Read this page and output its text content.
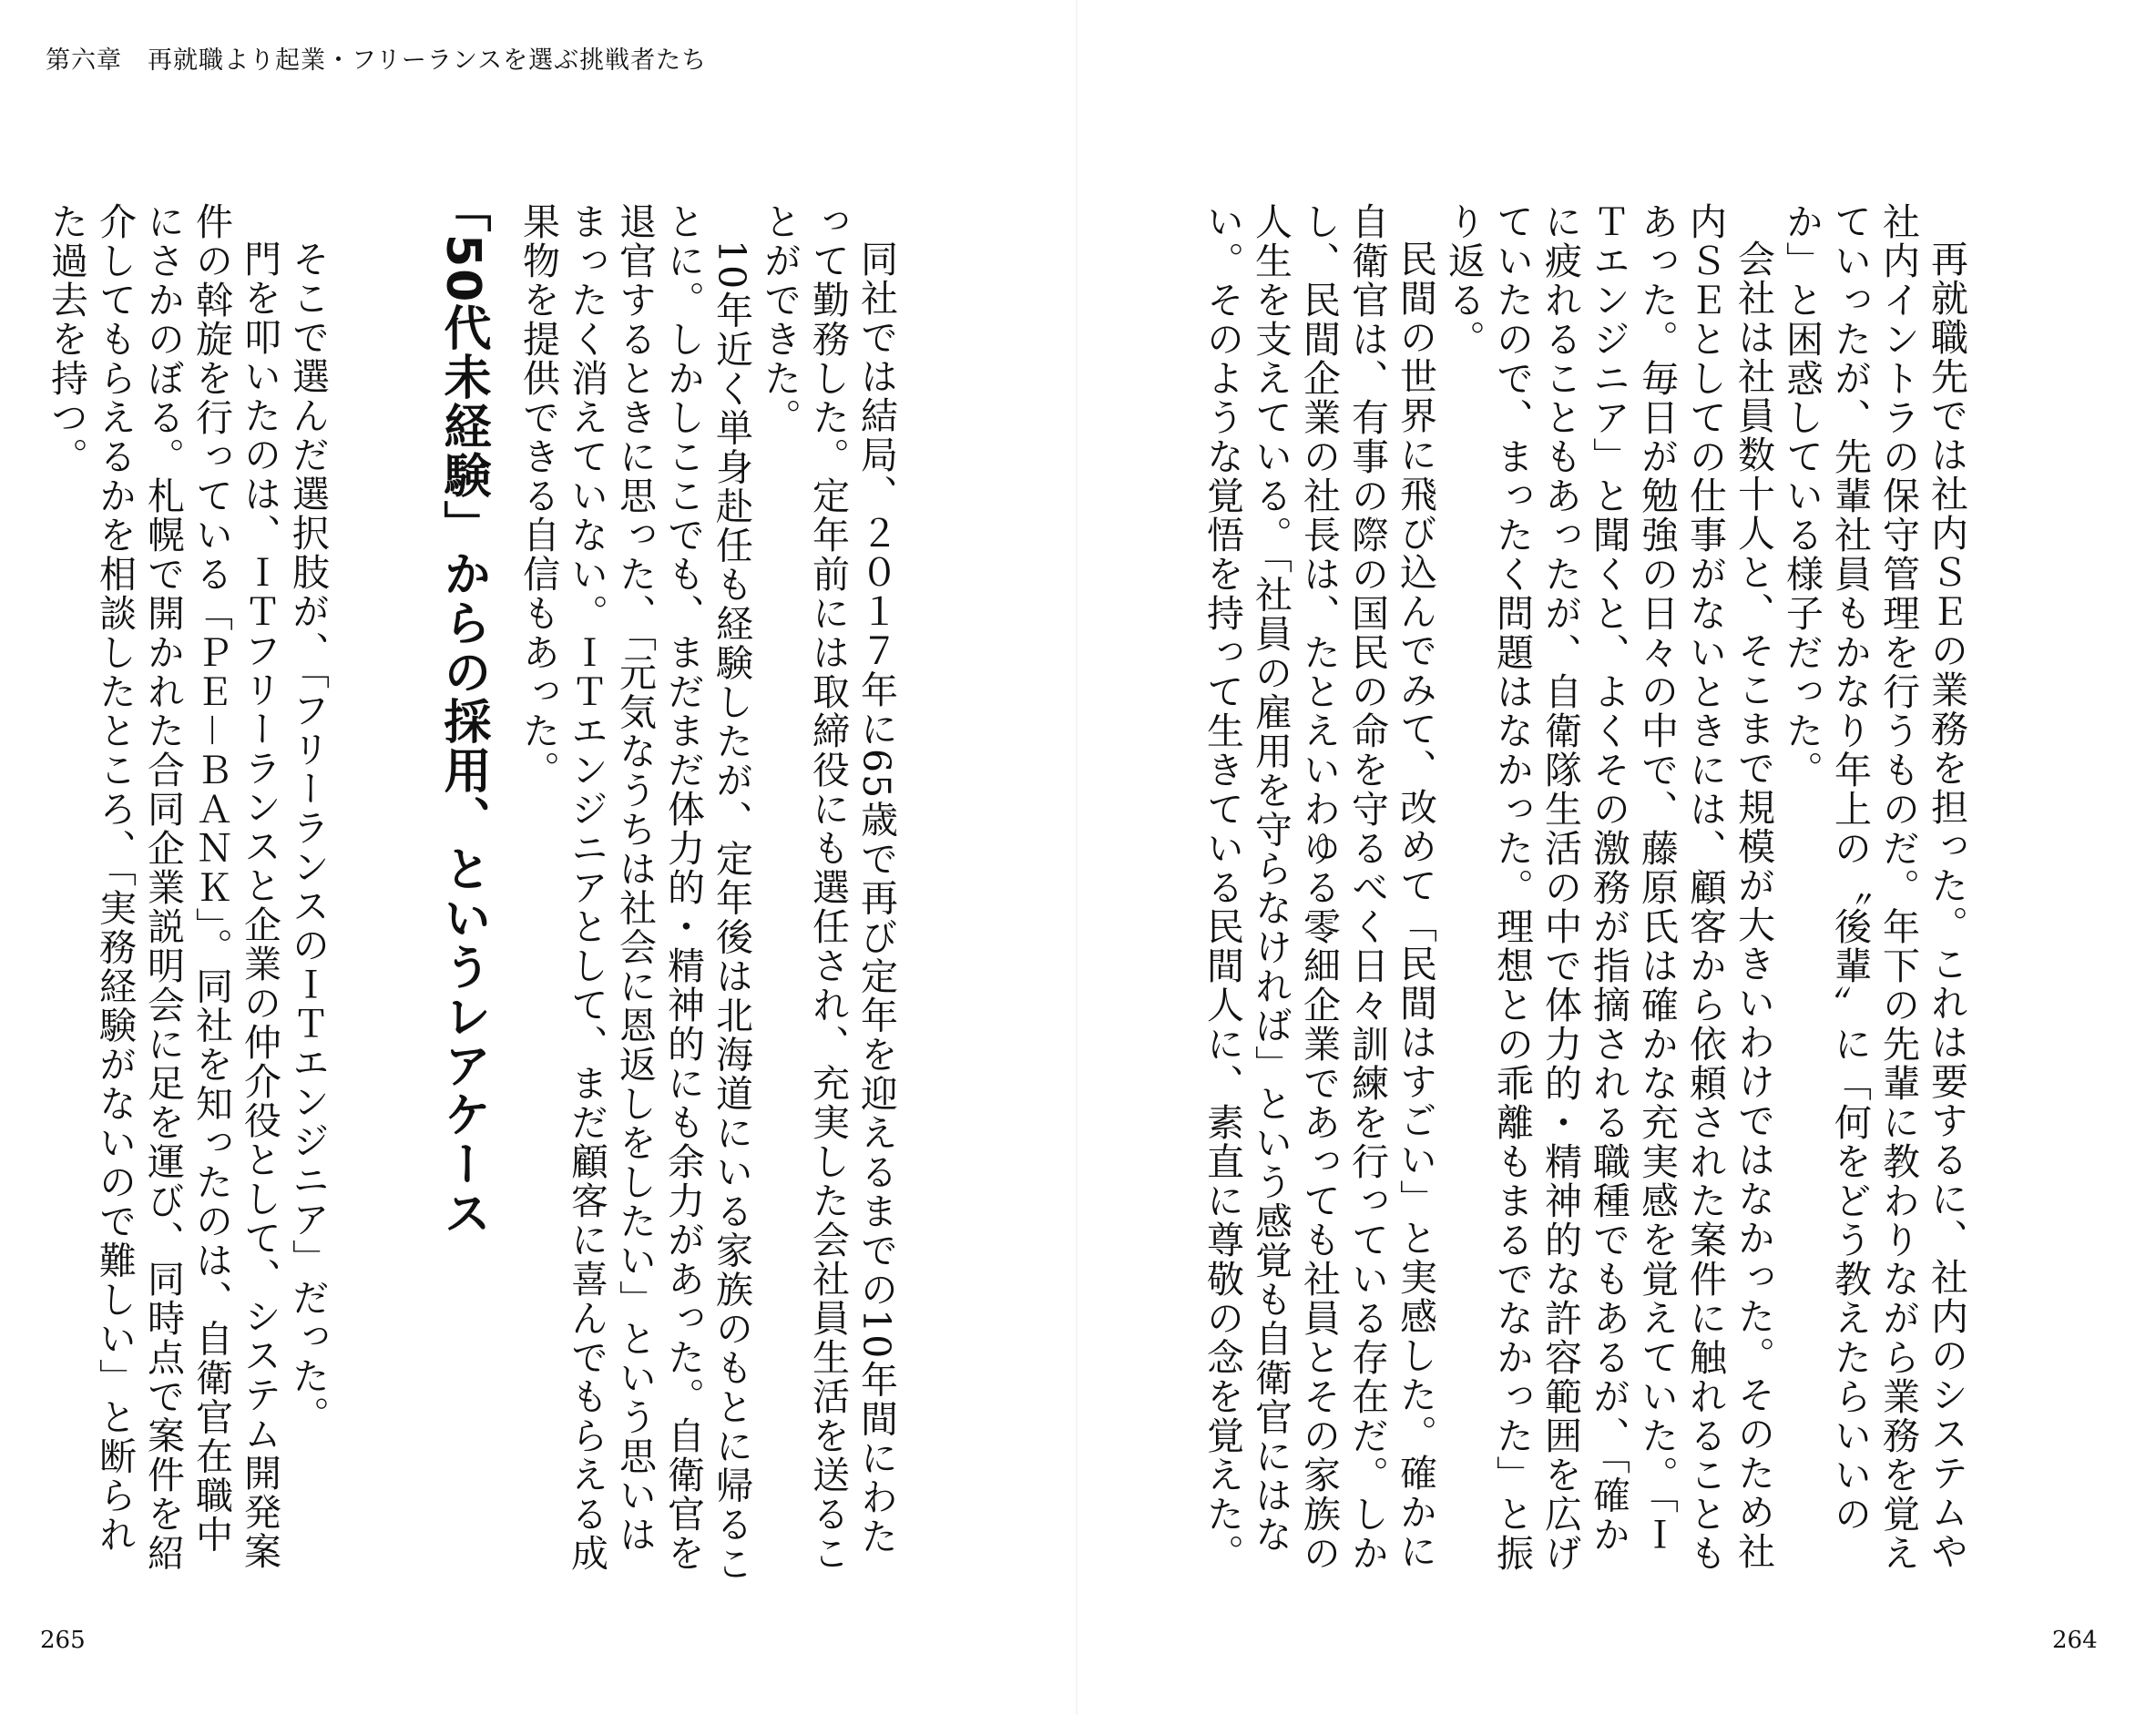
第六章　再就職より起業・フリーランスを選ぶ挑戦者たち

同社では結局、２０１７年に65歳で再び定年を迎えるまでの10年間にわたって勤務した。定年前には取締役にも選任され、充実した会社員生活を送ることができた。

10年近く単身赴任も経験したが、定年後は北海道にいる家族のもとに帰ることに。しかしここでも、まだまだ体力的・精神的にも余力があった。自衛官を退官するときに思った、「元気なうちは社会に恩返しをしたい」という思いはまったく消えていない。ＩＴエンジニアとして、まだ顧客に喜んでもらえる成果物を提供できる自信もあった。

「50代未経験」からの採用、というレアケース

そこで選んだ選択肢が、「フリーランスのＩＴエンジニア」だった。

門を叩いたのは、ＩＴフリーランスと企業の仲介役として、システム開発案件の斡旋を行っている「ＰＥ－ＢＡＮＫ」。同社を知ったのは、自衛官在職中にさかのぼる。札幌で開かれた合同企業説明会に足を運び、同時点で案件を紹介してもらえるかを相談したところ、「実務経験がないので難しい」と断られた過去を持つ。

265

再就職先では社内ＳＥの業務を担った。これは要するに、社内のシステムや社内イントラの保守管理を行うものだ。年下の先輩に教わりながら業務を覚えていったが、先輩社員もかなり年上の〝後輩〟に「何をどう教えたらいいのか」と困惑している様子だった。

会社は社員数十人と、そこまで規模が大きいわけではなかった。そのため社内ＳＥとしての仕事がないときには、顧客から依頼された案件に触れることもあった。毎日が勉強の日々の中で、藤原氏は確かな充実感を覚えていた。「ＩＴエンジニア」と聞くと、よくその激務が指摘される職種でもあるが、「確かに疲れることもあったが、自衛隊生活の中で体力的・精神的な許容範囲を広げていたので、まったく問題はなかった。理想との乖離もまるでなかった」と振り返る。

民間の世界に飛び込んでみて、改めて「民間はすごい」と実感した。確かに自衛官は、有事の際の国民の命を守るべく日々訓練を行っている存在だ。しかし、民間企業の社長は、たとえいわゆる零細企業であっても社員とその家族の人生を支えている。「社員の雇用を守らなければ」という感覚も自衛官にはない。そのような覚悟を持って生きている民間人に、素直に尊敬の念を覚えた。

264
